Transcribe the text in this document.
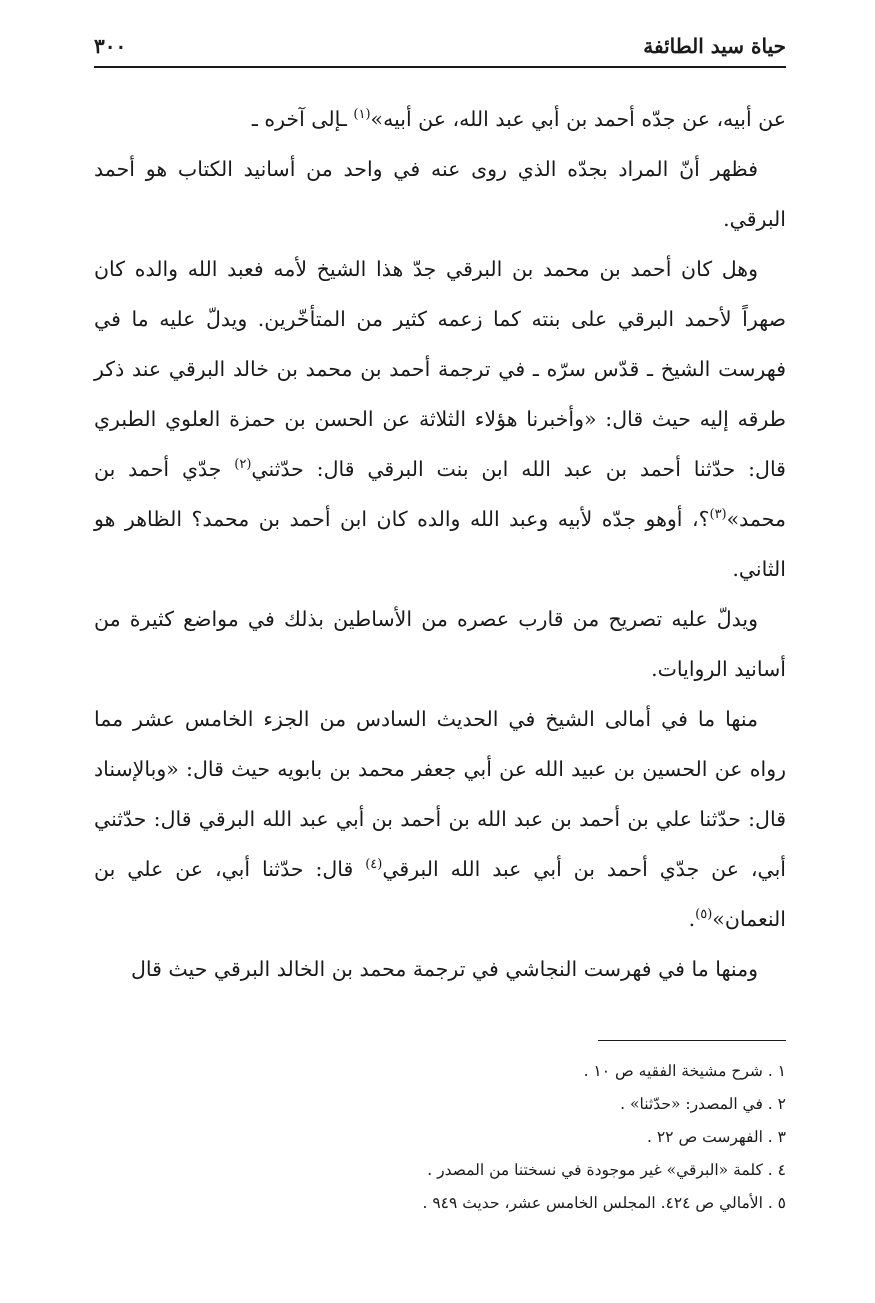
حياة سيد الطائفة
٣٠٠

عن أبيه، عن جدّه أحمد بن أبي عبد الله، عن أبيه»$^{(١)}$ ـإلى آخره ـ

فظهر أنّ المراد بجدّه الذي روى عنه في واحد من أسانيد الكتاب هو أحمد البرقي.

وهل كان أحمد بن محمد بن البرقي جدّ هذا الشيخ لأمه فعبد الله والده كان صهراً لأحمد البرقي على بنته كما زعمه كثير من المتأخّرين. ويدلّ عليه ما في فهرست الشيخ ـ قدّس سرّه ـ في ترجمة أحمد بن محمد بن خالد البرقي عند ذكر طرقه إليه حيث قال: «وأخبرنا هؤلاء الثلاثة عن الحسن بن حمزة العلوي الطبري قال: حدّثنا أحمد بن عبد الله ابن بنت البرقي قال: حدّثني$^{(٢)}$ جدّي أحمد بن محمد»$^{(٣)}$؟، أوهو جدّه لأبيه وعبد الله والده كان ابن أحمد بن محمد؟ الظاهر هو الثاني.

ويدلّ عليه تصريح من قارب عصره من الأساطين بذلك في مواضع كثيرة من أسانيد الروايات.

منها ما في أمالى الشيخ في الحديث السادس من الجزء الخامس عشر مما رواه عن الحسين بن عبيد الله عن أبي جعفر محمد بن بابويه حيث قال: «وبالإسناد قال: حدّثنا علي بن أحمد بن عبد الله بن أحمد بن أبي عبد الله البرقي قال: حدّثني أبي، عن جدّي أحمد بن أبي عبد الله البرقي$^{(٤)}$ قال: حدّثنا أبي، عن علي بن النعمان»$^{(٥)}$.

ومنها ما في فهرست النجاشي في ترجمة محمد بن الخالد البرقي حيث قال

١ . شرح مشيخة الفقيه ص ١٠ .
٢ . في المصدر: «حدّثنا» .
٣ . الفهرست ص ٢٢ .
٤ . كلمة «البرقي» غير موجودة في نسختنا من المصدر .
٥ . الأمالي ص ٤٢٤. المجلس الخامس عشر، حديث ٩٤٩ .
